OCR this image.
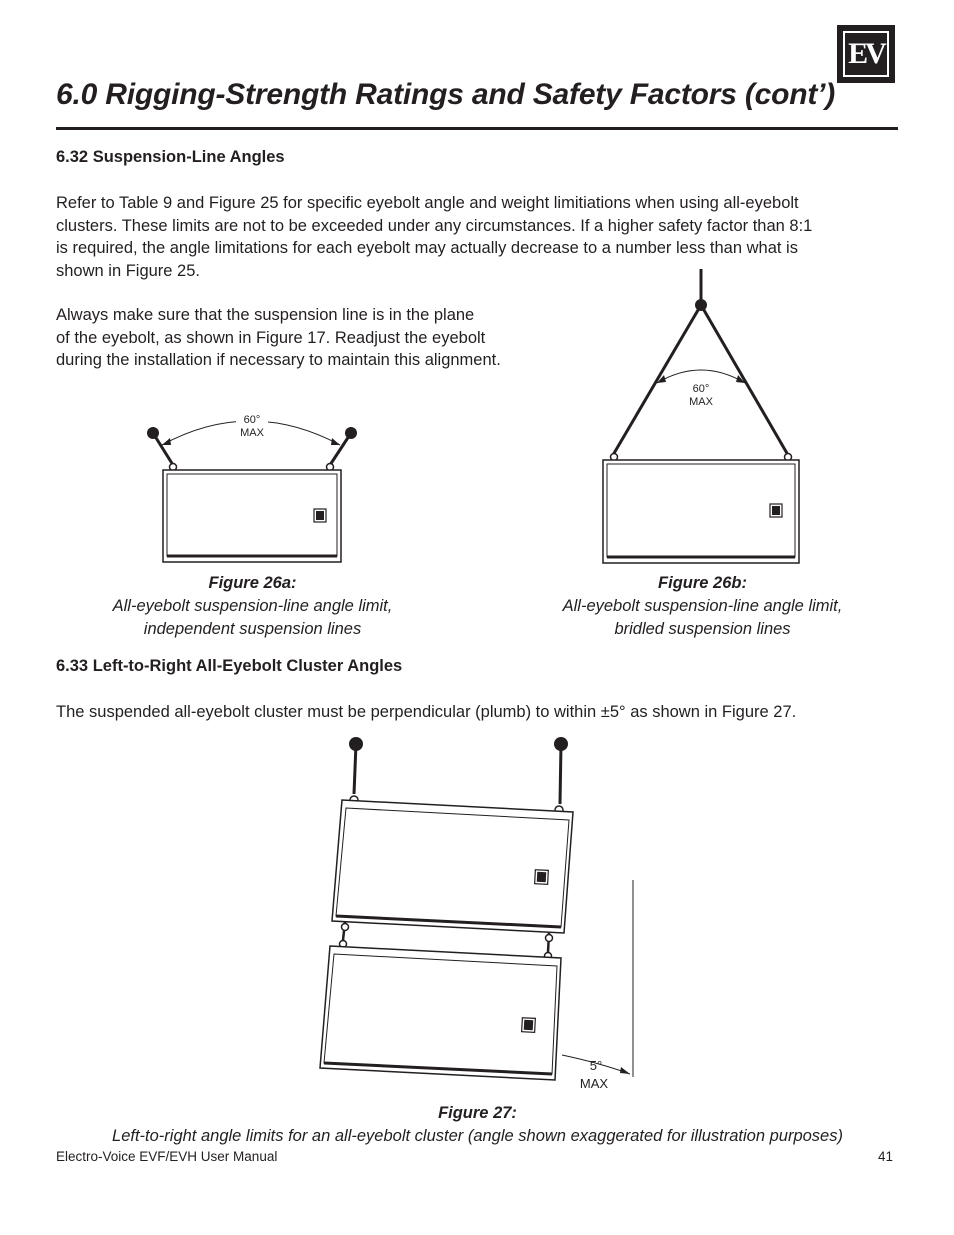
EV
6.0 Rigging-Strength Ratings and Safety Factors (cont’)
6.32 Suspension-Line Angles

Refer to Table 9 and Figure 25 for specific eyebolt angle and weight limitiations when using all-eyebolt

clusters. These limits are not to be exceeded under any circumstances. If a higher safety factor than 8:1

is required, the angle limitations for each eyebolt may actually decrease to a number less than what is

shown in Figure 25.

Always make sure that the suspension line is in the plane

of the eyebolt, as shown in Figure 17. Readjust the eyebolt

during the installation if necessary to maintain this alignment.

60°
MAX
Figure 26a:
All-eyebolt suspension-line angle limit,
independent suspension lines
60°
MAX
Figure 26b:
All-eyebolt suspension-line angle limit,
bridled suspension lines
6.33 Left-to-Right All-Eyebolt Cluster Angles
The suspended all-eyebolt cluster must be perpendicular (plumb) to within ±5° as shown in Figure 27.
5°
MAX
Figure 27:
Left-to-right angle limits for an all-eyebolt cluster (angle shown exaggerated for illustration purposes)
Electro-Voice EVF/EVH User Manual	41
